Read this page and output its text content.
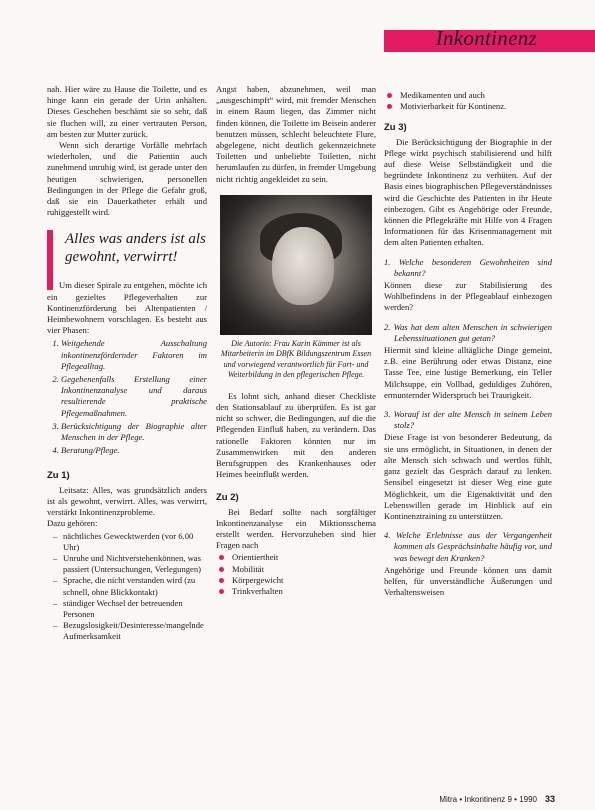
Inkontinenz

nah. Hier wäre zu Hause die Toilette, und es hinge kann ein gerade der Urin anhalten. Dieses Geschehen beschämt sie so sehr, daß sie fluchen will, zu einer vertrauten Person, am besten zur Mutter zurück.

Wenn sich derartige Vorfälle mehrfach wiederholen, und die Patientin auch zunehmend unruhig wird, ist gerade unter den heutigen schwierigen, personellen Bedingungen in der Pflege die Gefahr groß, daß sie ein Dauerkatheter erhält und ruhiggestellt wird.

Alles was anders ist als gewohnt, verwirrt!

Um dieser Spirale zu entgehen, möchte ich ein gezieltes Pflegeverhalten zur Kontinenzförderung bei Altenpatienten / Heimbewohnern vorschlagen. Es besteht aus vier Phasen:

1. Weitgehende Ausschaltung inkontinenzfördernder Faktoren im Pflegealltag.
2. Gegebenenfalls Erstellung einer Inkontinenzanalyse und daraus resultierende praktische Pflegemaßnahmen.
3. Berücksichtigung der Biographie alter Menschen in der Pflege.
4. Beratung/Pflege.
Zu 1)

Leitsatz: Alles, was grundsätzlich anders ist als gewohnt, verwirrt. Alles, was verwirrt, verstärkt Inkontinenzprobleme.

Dazu gehören:

– nächtliches Gewecktwerden (vor 6.00 Uhr)
– Unruhe und Nichtverstehenkönnen, was passiert (Untersuchungen, Verlegungen)
– Sprache, die nicht verstanden wird (zu schnell, ohne Blickkontakt)
– ständiger Wechsel der betreuenden Personen
– Bezugslosigkeit/Desinteresse/mangelnde Aufmerksamkeit

Angst haben, abzunehmen, weil man „ausgeschimpft“ wird, mit fremder Menschen in einem Raum liegen, das Zimmer nicht finden können, die Toilette im Beisein anderer benutzen müssen, schlecht beleuchtete Flure, abgelegene, nicht deutlich gekennzeichnete Toiletten und unbeliebte Toiletten, nicht herumlaufen zu dürfen, in fremder Umgebung nicht richtig angekleidet zu sein.

Die Autorin: Frau Karin Kämmer ist als Mitarbeiterin im DBfK Bildungszentrum Essen und vorwiegend verantwortlich für Fort- und Weiterbildung in den pflegerischen Pflege.

Es lohnt sich, anhand dieser Checkliste den Stationsablauf zu überprüfen. Es ist gar nicht so schwer, die Bedingungen, auf die die Pflegenden Einfluß haben, zu verändern. Das rationelle Faktoren könnten nur im Zusammenwirken mit den anderen Berufsgruppen des Krankenhauses oder Heimes beeinflußt werden.

Zu 2)

Bei Bedarf sollte nach sorgfältiger Inkontinenzanalyse ein Miktionsschema erstellt werden. Hervorzuheben sind hier Fragen nach

Orientiertheit
Mobilität
Körpergewicht
Trinkverhalten
Medikamenten und auch
Motivierbarkeit für Kontinenz.
Zu 3)

Die Berücksichtigung der Biographie in der Pflege wirkt psychisch stabilisierend und hilft auf diese Weise Selbständigkeit und die begründete Inkontinenz zu verhüten. Auf der Basis eines biographischen Pflegeverständnisses wird die Geschichte des Patienten in ihr Heute einbezogen. Gibt es Angehörige oder Freunde, können die Pflegekräfte mit Hilfe von 4 Fragen Informationen für das Krisenmanagement mit dem alten Patienten erhalten.

1. Welche besonderen Gewohnheiten sind bekannt?

Können diese zur Stabilisierung des Wohlbefindens in der Pflegeablauf einbezogen werden?

2. Was hat dem alten Menschen in schwierigen Lebenssituationen gut getan?

Hiermit sind kleine alltägliche Dinge gemeint, z.B. eine Berührung oder etwas Distanz, eine Tasse Tee, eine lustige Bemerkung, ein Teller Milchsuppe, ein Vollbad, geduldiges Zuhören, ermunternder Widerspruch bei Traurigkeit.

3. Worauf ist der alte Mensch in seinem Leben stolz?

Diese Frage ist von besonderer Bedeutung, da sie uns ermöglicht, in Situationen, in denen der alte Mensch sich schwach und wertlos fühlt, ganz gezielt das Gespräch darauf zu lenken. Sensibel eingesetzt ist dieser Weg eine gute Möglichkeit, um die Eigenaktivität und den Lebenswillen gerade im Hinblick auf ein Kontinenztraining zu unterstützen.

4. Welche Erlebnisse aus der Vergangenheit kommen als Gesprächsinhalte häufig vor, und was bewegt den Kranken?

Angehörige und Freunde können uns damit helfen, für unverständliche Äußerungen und Verhaltensweisen

Mitra • Inkontinenz 9 • 1990 33
